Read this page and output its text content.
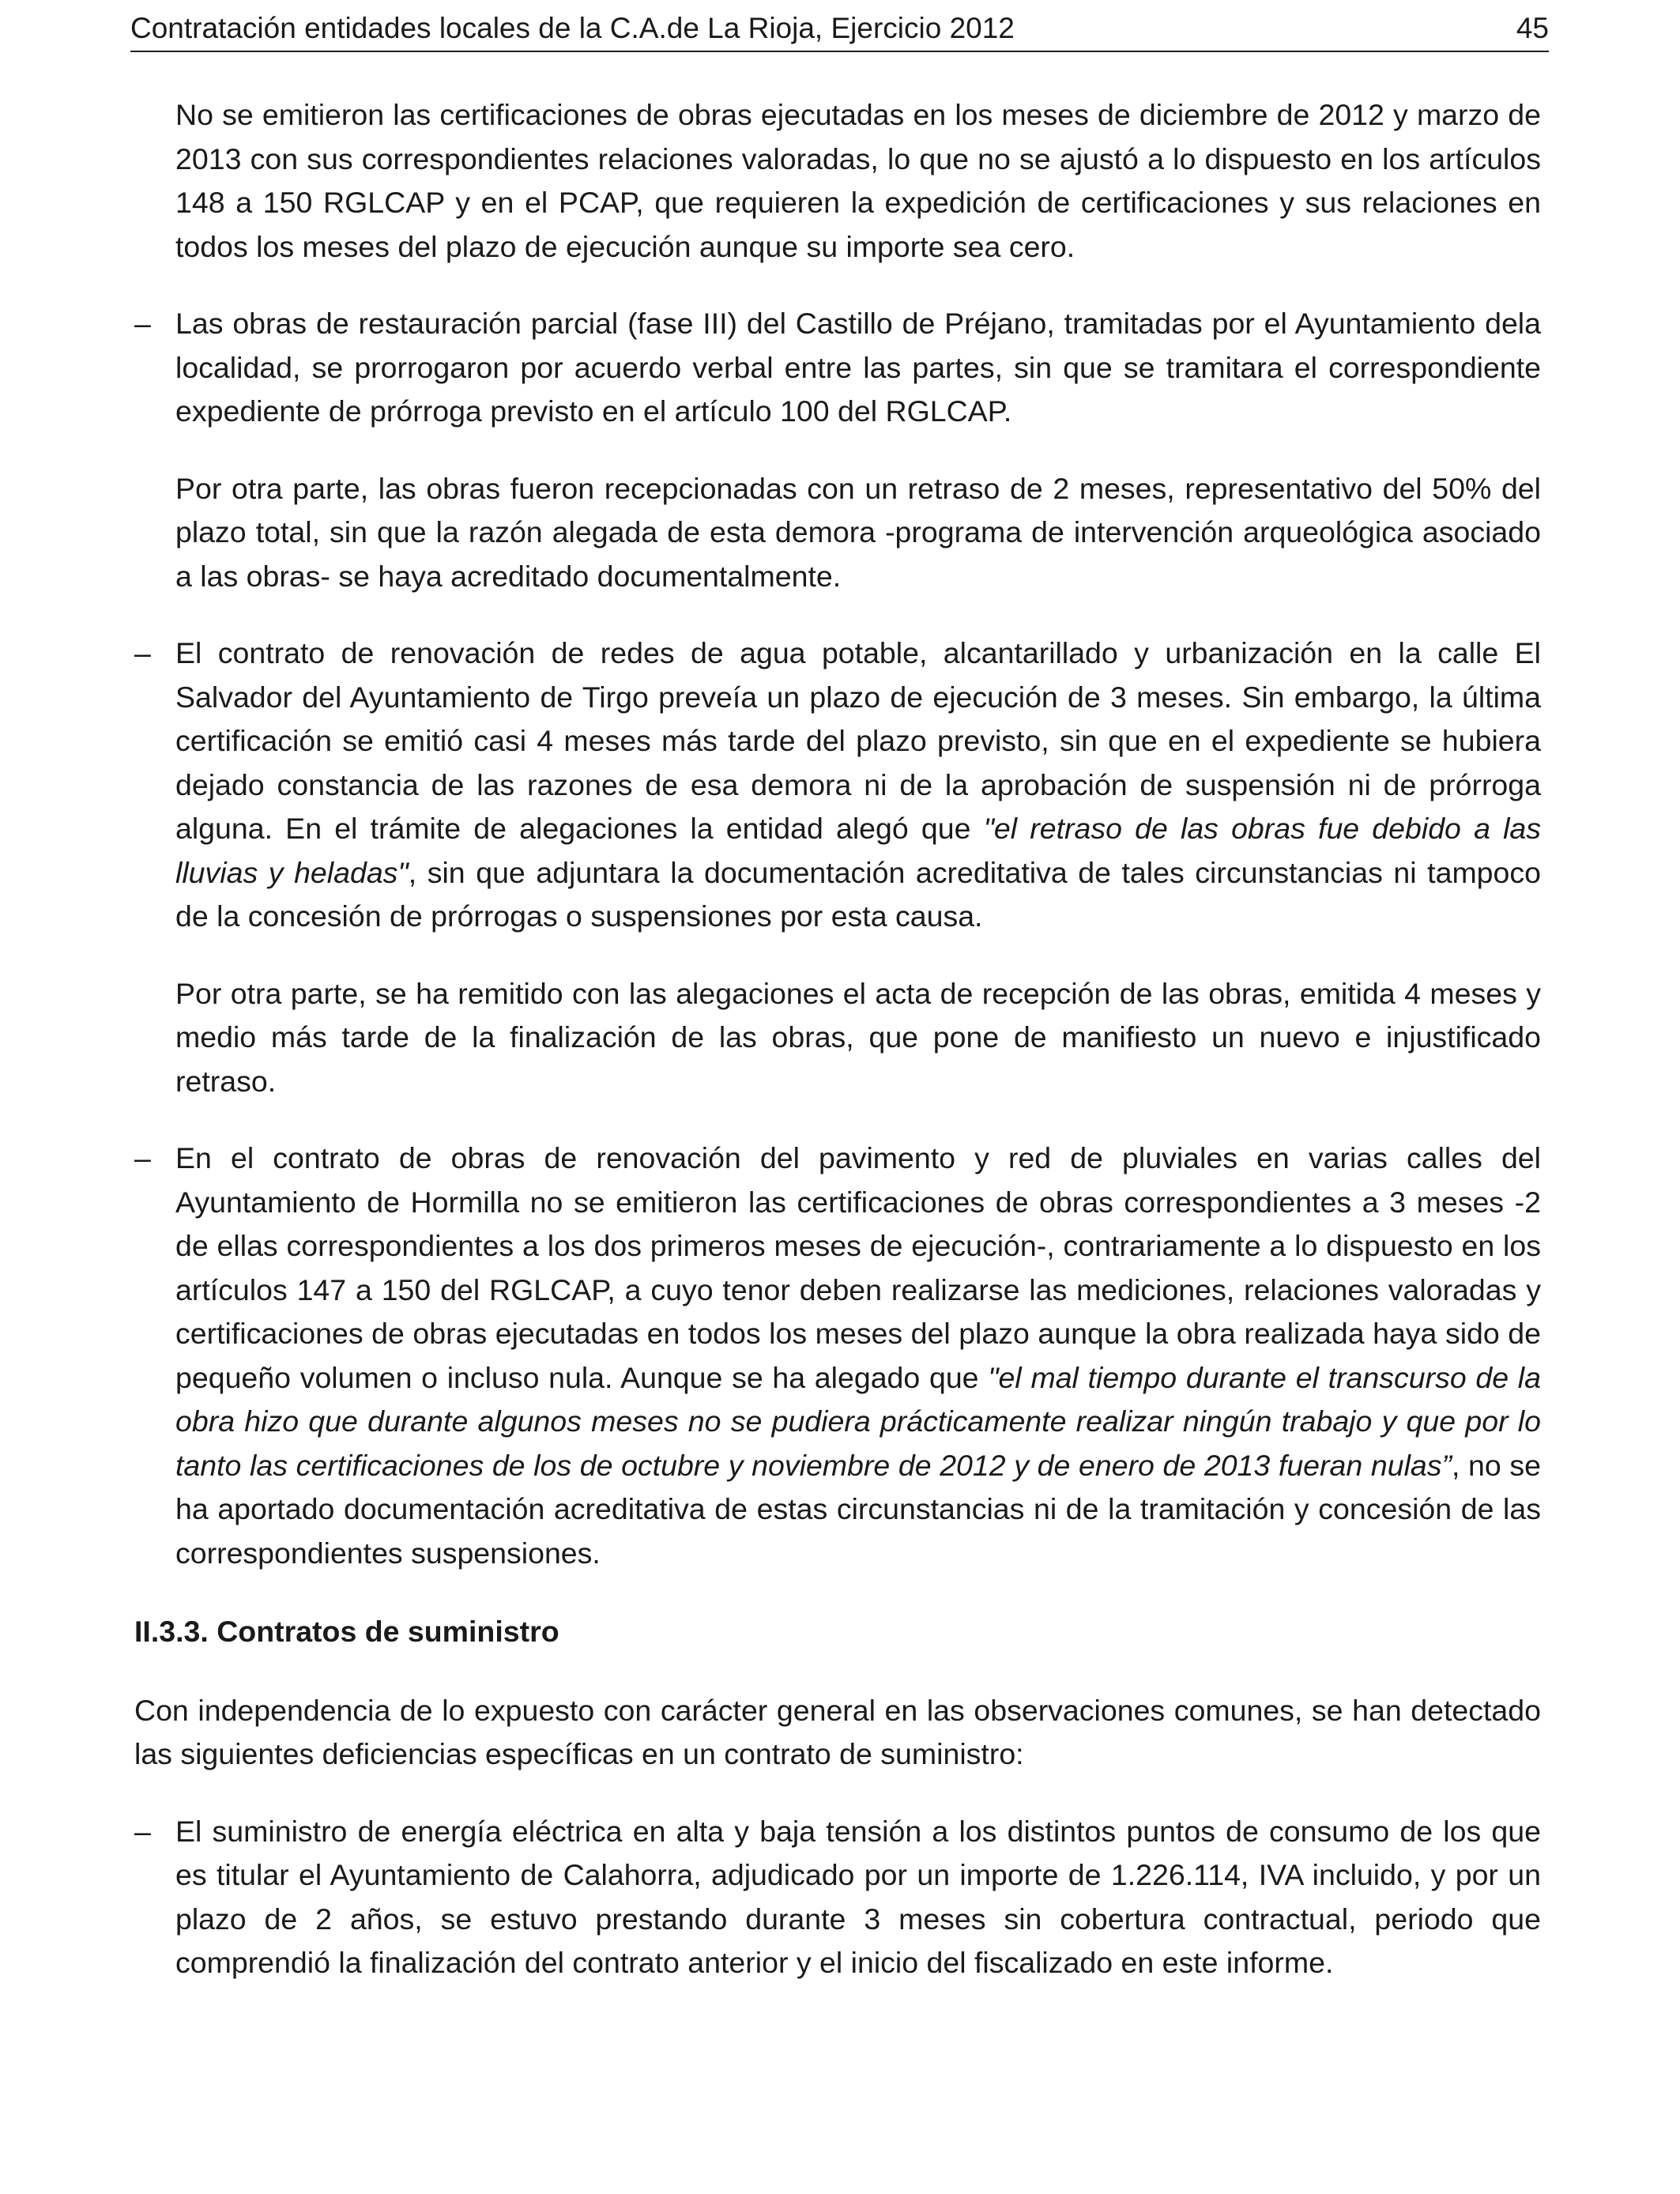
Contratación entidades locales de la C.A.de La Rioja, Ejercicio 2012	45

No se emitieron las certificaciones de obras ejecutadas en los meses de diciembre de 2012 y marzo de 2013 con sus correspondientes relaciones valoradas, lo que no se ajustó a lo dispuesto en los artículos 148 a 150 RGLCAP y en el PCAP, que requieren la expedición de certificaciones y sus relaciones en todos los meses del plazo de ejecución aunque su importe sea cero.

– Las obras de restauración parcial (fase III) del Castillo de Préjano, tramitadas por el Ayuntamiento dela localidad, se prorrogaron por acuerdo verbal entre las partes, sin que se tramitara el correspondiente expediente de prórroga previsto en el artículo 100 del RGLCAP.

Por otra parte, las obras fueron recepcionadas con un retraso de 2 meses, representativo del 50% del plazo total, sin que la razón alegada de esta demora -programa de intervención arqueológica asociado a las obras- se haya acreditado documentalmente.

– El contrato de renovación de redes de agua potable, alcantarillado y urbanización en la calle El Salvador del Ayuntamiento de Tirgo preveía un plazo de ejecución de 3 meses. Sin embargo, la última certificación se emitió casi 4 meses más tarde del plazo previsto, sin que en el expediente se hubiera dejado constancia de las razones de esa demora ni de la aprobación de suspensión ni de prórroga alguna. En el trámite de alegaciones la entidad alegó que "el retraso de las obras fue debido a las lluvias y heladas", sin que adjuntara la documentación acreditativa de tales circunstancias ni tampoco de la concesión de prórrogas o suspensiones por esta causa.

Por otra parte, se ha remitido con las alegaciones el acta de recepción de las obras, emitida 4 meses y medio más tarde de la finalización de las obras, que pone de manifiesto un nuevo e injustificado retraso.

– En el contrato de obras de renovación del pavimento y red de pluviales en varias calles del Ayuntamiento de Hormilla no se emitieron las certificaciones de obras correspondientes a 3 meses -2 de ellas correspondientes a los dos primeros meses de ejecución-, contrariamente a lo dispuesto en los artículos 147 a 150 del RGLCAP, a cuyo tenor deben realizarse las mediciones, relaciones valoradas y certificaciones de obras ejecutadas en todos los meses del plazo aunque la obra realizada haya sido de pequeño volumen o incluso nula. Aunque se ha alegado que "el mal tiempo durante el transcurso de la obra hizo que durante algunos meses no se pudiera prácticamente realizar ningún trabajo y que por lo tanto las certificaciones de los de octubre y noviembre de 2012 y de enero de 2013 fueran nulas”, no se ha aportado documentación acreditativa de estas circunstancias ni de la tramitación y concesión de las correspondientes suspensiones.

II.3.3. Contratos de suministro

Con independencia de lo expuesto con carácter general en las observaciones comunes, se han detectado las siguientes deficiencias específicas en un contrato de suministro:

– El suministro de energía eléctrica en alta y baja tensión a los distintos puntos de consumo de los que es titular el Ayuntamiento de Calahorra, adjudicado por un importe de 1.226.114, IVA incluido, y por un plazo de 2 años, se estuvo prestando durante 3 meses sin cobertura contractual, periodo que comprendió la finalización del contrato anterior y el inicio del fiscalizado en este informe.
